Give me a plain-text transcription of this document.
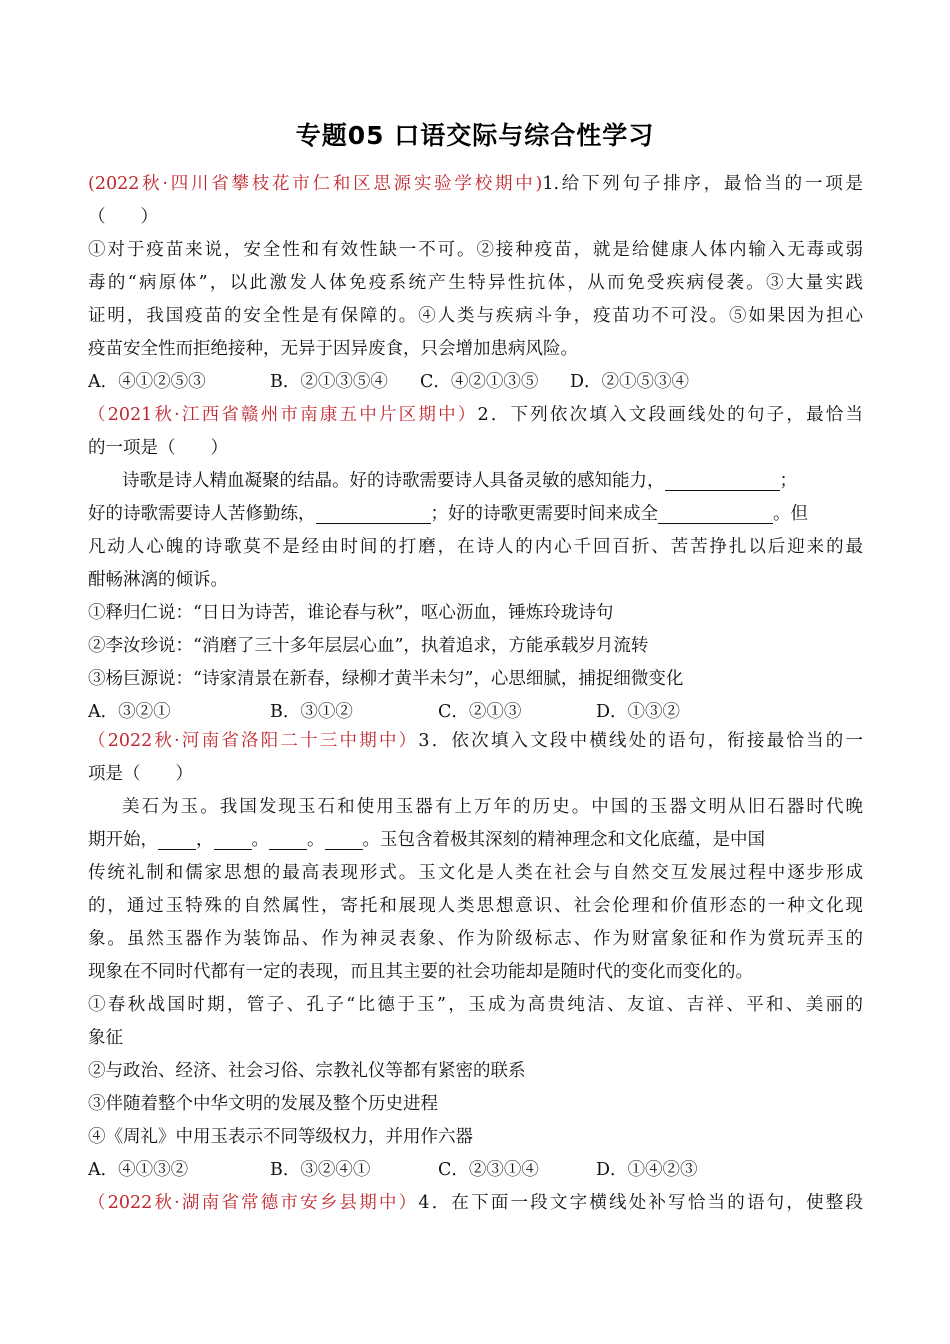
专题05 口语交际与综合性学习
(2022秋·四川省攀枝花市仁和区思源实验学校期中)1.给下列句子排序，最恰当的一项是
（　　）
①对于疫苗来说，安全性和有效性缺一不可。②接种疫苗，就是给健康人体内输入无毒或弱
毒的“病原体”，以此激发人体免疫系统产生特异性抗体，从而免受疾病侵袭。③大量实践
证明，我国疫苗的安全性是有保障的。④人类与疾病斗争，疫苗功不可没。⑤如果因为担心
疫苗安全性而拒绝接种，无异于因异废食，只会增加患病风险。
A．④①②⑤③	B．②①③⑤④	C．④②①③⑤	D．②①⑤③④
（2021秋·江西省赣州市南康五中片区期中）2．下列依次填入文段画线处的句子，最恰当
的一项是（　　）
诗歌是诗人精血凝聚的结晶。好的诗歌需要诗人具备灵敏的感知能力，	；
好的诗歌需要诗人苦修勤练，	；好的诗歌更需要时间来成全	。但
凡动人心魄的诗歌莫不是经由时间的打磨，在诗人的内心千回百折、苦苦挣扎以后迎来的最
酣畅淋漓的倾诉。
①释归仁说：“日日为诗苦，谁论春与秋”，呕心沥血，锤炼玲珑诗句
②李汝珍说：“消磨了三十多年层层心血”，执着追求，方能承载岁月流转
③杨巨源说：“诗家清景在新春，绿柳才黄半未匀”，心思细腻，捕捉细微变化
A．③②①	B．③①②	C．②①③	D．①③②
（2022秋·河南省洛阳二十三中期中）3．依次填入文段中横线处的语句，衔接最恰当的一
项是（　　）
美石为玉。我国发现玉石和使用玉器有上万年的历史。中国的玉器文明从旧石器时代晚
期开始， ， 。 。 。玉包含着极其深刻的精神理念和文化底蕴，是中国
传统礼制和儒家思想的最高表现形式。玉文化是人类在社会与自然交互发展过程中逐步形成
的，通过玉特殊的自然属性，寄托和展现人类思想意识、社会伦理和价值形态的一种文化现
象。虽然玉器作为装饰品、作为神灵表象、作为阶级标志、作为财富象征和作为赏玩弄玉的
现象在不同时代都有一定的表现，而且其主要的社会功能却是随时代的变化而变化的。
①春秋战国时期，管子、孔子“比德于玉”，玉成为高贵纯洁、友谊、吉祥、平和、美丽的
象征
②与政治、经济、社会习俗、宗教礼仪等都有紧密的联系
③伴随着整个中华文明的发展及整个历史进程
④《周礼》中用玉表示不同等级权力，并用作六器
A．④①③②	B．③②④①	C．②③①④	D．①④②③
（2022秋·湖南省常德市安乡县期中）4．在下面一段文字横线处补写恰当的语句，使整段
